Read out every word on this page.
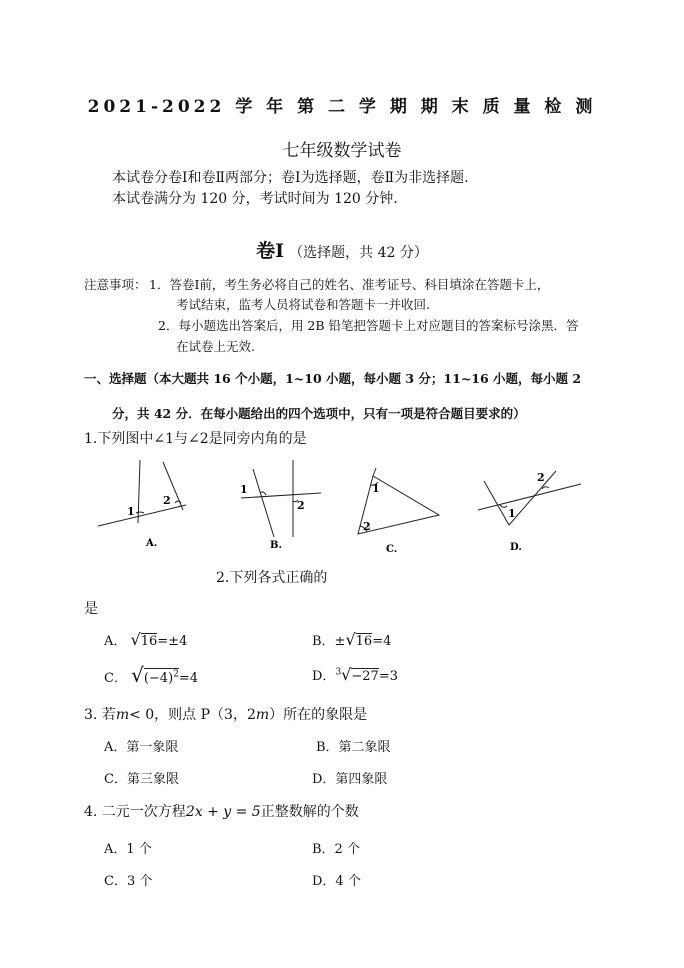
2021-2022 学 年 第 二 学 期 期 末 质 量 检 测
七年级数学试卷
本试卷分卷Ⅰ和卷Ⅱ两部分；卷Ⅰ为选择题，卷Ⅱ为非选择题.
本试卷满分为 120 分，考试时间为 120 分钟.
卷Ⅰ （选择题，共 42 分）
注意事项： 1．答卷Ⅰ前，考生务必将自己的姓名、准考证号、科目填涂在答题卡上，
考试结束，监考人员将试卷和答题卡一并收回.
2．每小题选出答案后，用 2B 铅笔把答题卡上对应题目的答案标号涂黑．答
在试卷上无效.
一、选择题（本大题共 16 个小题，1~10 小题，每小题 3 分；11~16 小题，每小题 2
分，共 42 分．在每小题给出的四个选项中，只有一项是符合题目要求的）
1.下列图中∠1与∠2是同旁内角的是
1
2
A.
1
2
B.
1
2
C.
1
2
D.
2.下列各式正确的
是
A． √16=±4	B．±√16=4
C． $√(-4)^2=4$	D．$^3$√−27=3
3. 若m< 0，则点 P（3，2m）所在的象限是
A．第一象限	B．第二象限
C．第三象限	D．第四象限
4. 二元一次方程2x + y = 5正整数解的个数
A．1 个	B．2 个
C．3 个	D．4 个
